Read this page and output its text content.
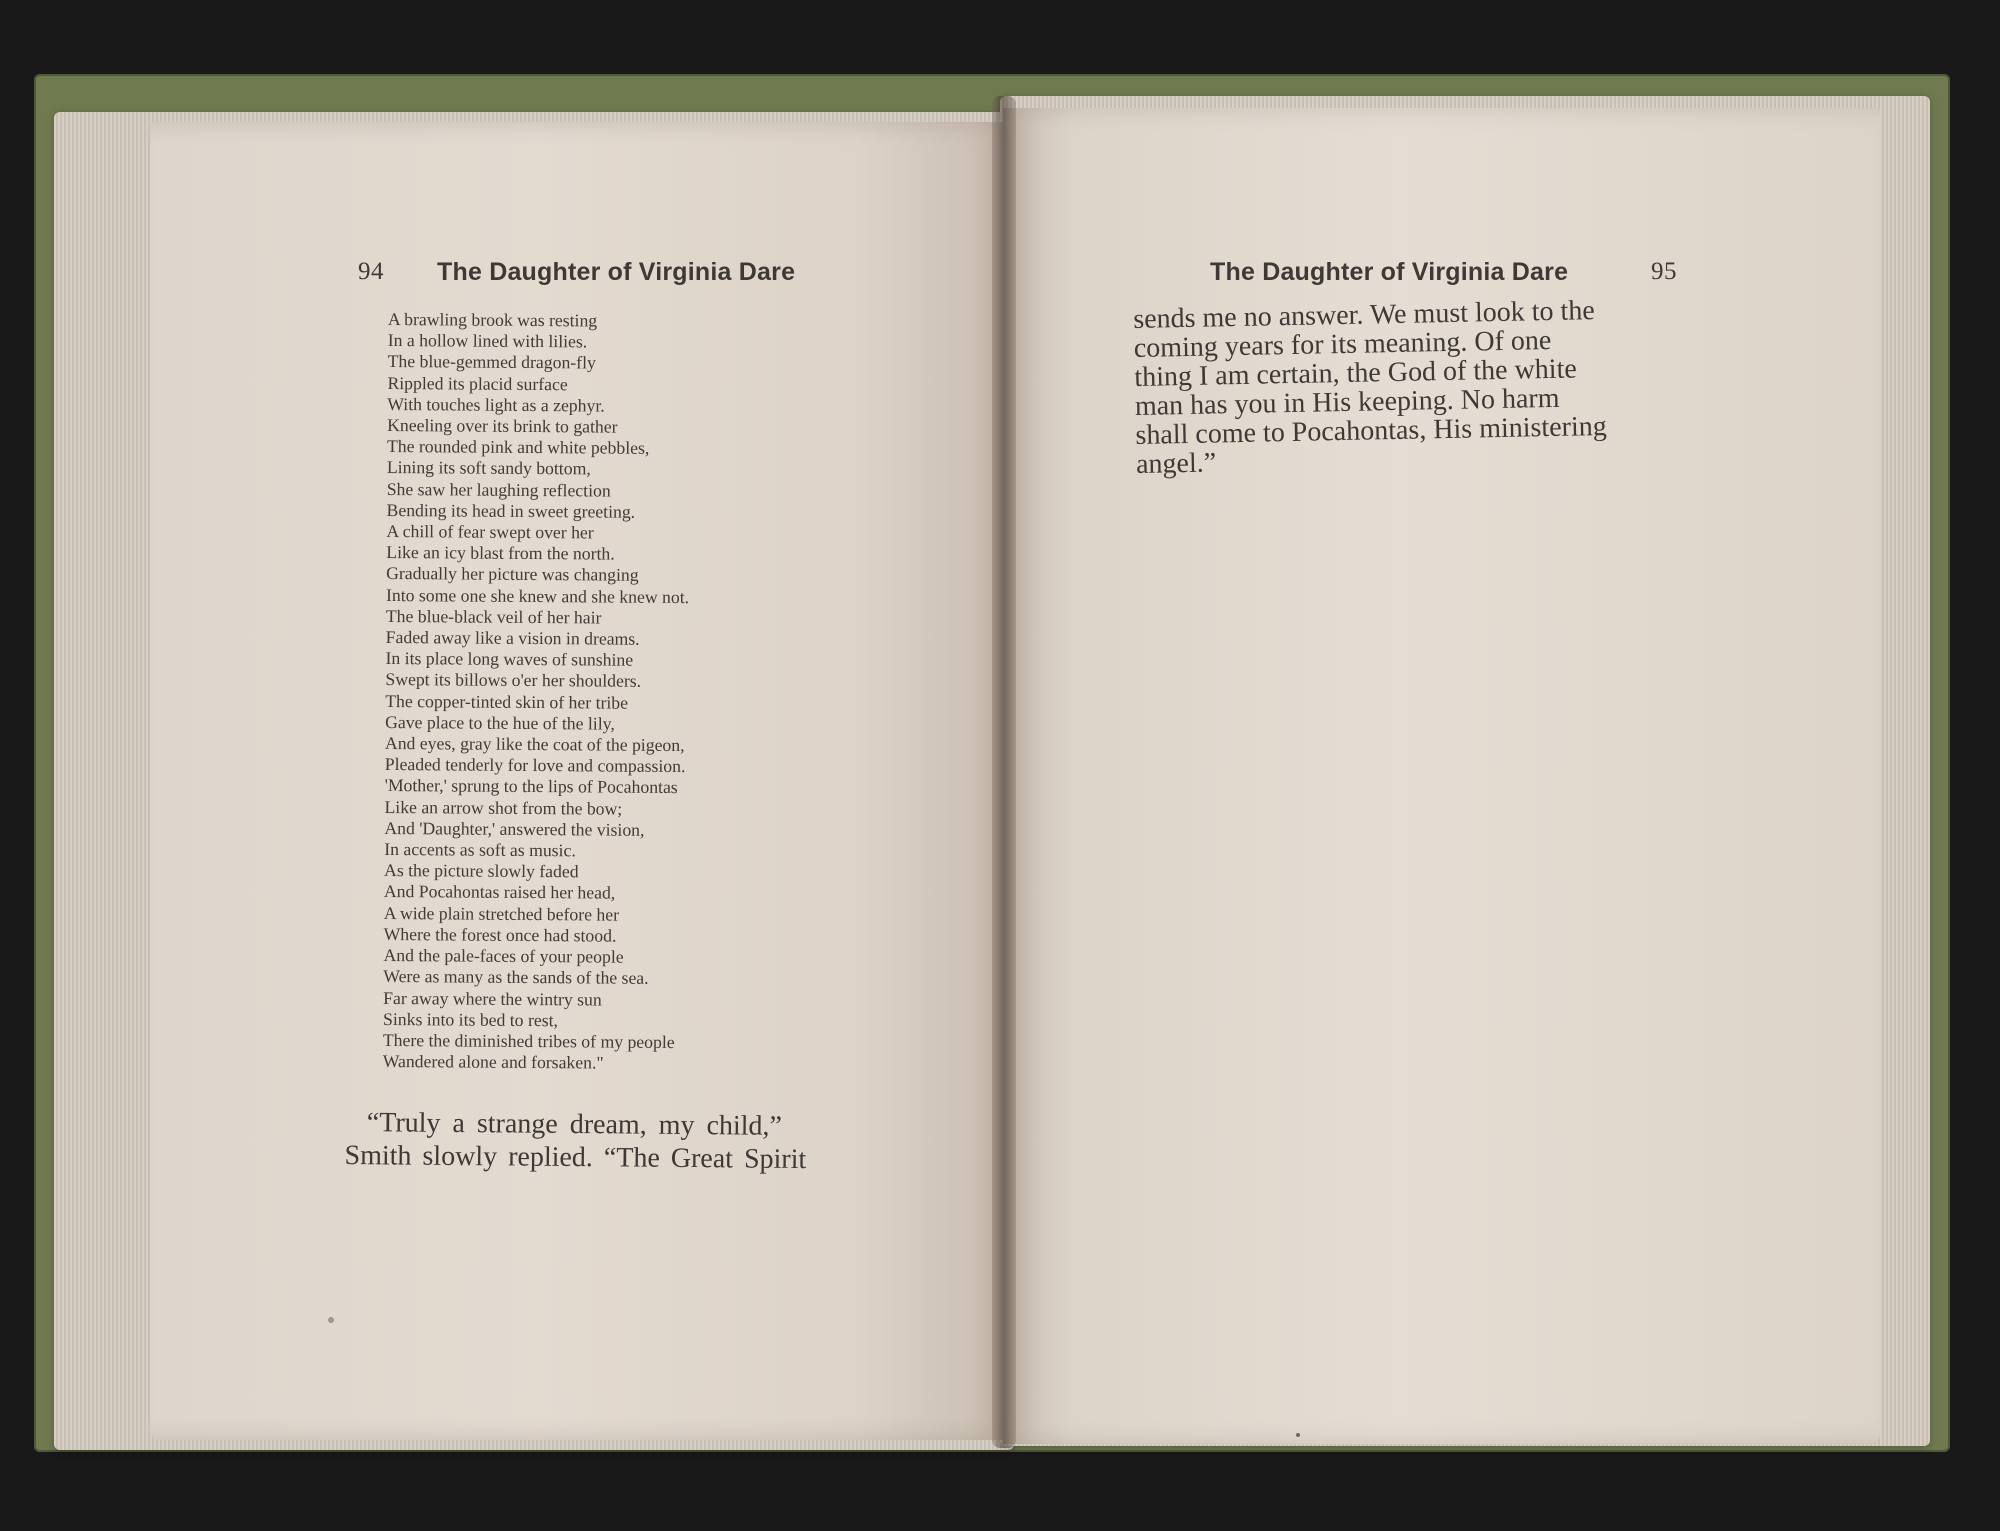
94 The Daughter of Virginia Dare
A brawling brook was resting
In a hollow lined with lilies.
The blue-gemmed dragon-fly
Rippled its placid surface
With touches light as a zephyr.
Kneeling over its brink to gather
The rounded pink and white pebbles,
Lining its soft sandy bottom,
She saw her laughing reflection
Bending its head in sweet greeting.
A chill of fear swept over her
Like an icy blast from the north.
Gradually her picture was changing
Into some one she knew and she knew not.
The blue-black veil of her hair
Faded away like a vision in dreams.
In its place long waves of sunshine
Swept its billows o'er her shoulders.
The copper-tinted skin of her tribe
Gave place to the hue of the lily,
And eyes, gray like the coat of the pigeon,
Pleaded tenderly for love and compassion.
'Mother,' sprung to the lips of Pocahontas
Like an arrow shot from the bow;
And 'Daughter,' answered the vision,
In accents as soft as music.
As the picture slowly faded
And Pocahontas raised her head,
A wide plain stretched before her
Where the forest once had stood.
And the pale-faces of your people
Were as many as the sands of the sea.
Far away where the wintry sun
Sinks into its bed to rest,
There the diminished tribes of my people
Wandered alone and forsaken."
“Truly a strange dream, my child,”
Smith slowly replied. “The Great Spirit
The Daughter of Virginia Dare	95
sends me no answer. We must look to the
coming years for its meaning. Of one
thing I am certain, the God of the white
man has you in His keeping. No harm
shall come to Pocahontas, His ministering
angel.”
